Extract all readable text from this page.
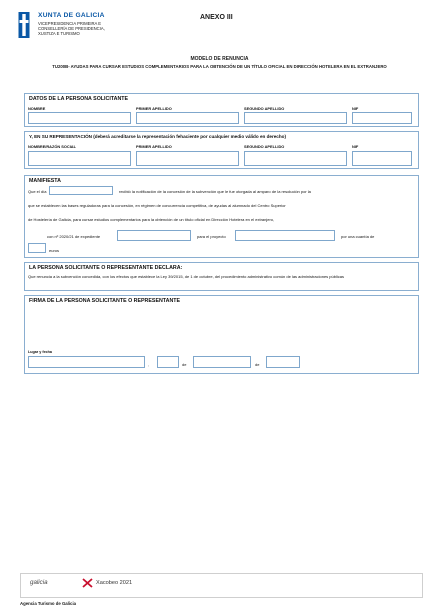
XUNTA DE GALICIA
VICEPRESIDENCIA PRIMEIRA E
CONSELLERÍA DE PRESIDENCIA,
XUSTIZA E TURISMO
ANEXO III
MODELO DE RENUNCIA
TU200B- AYUDAS PARA CURSAR ESTUDIOS COMPLEMENTARIOS PARA LA OBTENCIÓN DE UN TÍTULO OFICIAL EN DIRECCIÓN HOTELERA EN EL EXTRANJERO
DATOS DE LA PERSONA SOLICITANTE
NOMBRE	PRIMER APELLIDO	SEGUNDO APELLIDO	NIF
Y, EN SU REPRESENTACIÓN (deberá acreditarse la representación fehaciente por cualquier medio válido en derecho)
NOMBRE/RAZÓN SOCIAL	PRIMER APELLIDO	SEGUNDO APELLIDO	NIF
MANIFIESTA
Que el día	recibió la notificación de la concesión de la subvención que le fue otorgada al amparo de la resolución por la
que se establecen las bases reguladoras para la concesión, en régimen de concurrencia competitiva, de ayudas al alumnado del Centro Superior
de Hostelería de Galicia, para cursar estudios complementarios para la obtención de un título oficial en Dirección Hotelera en el extranjero,
con nº 2020/21 de expediente	para el proyecto	por una cuantía de
euros
LA PERSONA SOLICITANTE O REPRESENTANTE DECLARA:
Que renuncia a la subvención concedida, con los efectos que establece la Ley 39/2015, de 1 de octubre, del procedimiento administrativo común de las administraciones públicas
FIRMA DE LA PERSONA SOLICITANTE O REPRESENTANTE
Lugar y fecha
,	de	de
galicia	Xacobeo 2021
Agencia Turismo de Galicia
